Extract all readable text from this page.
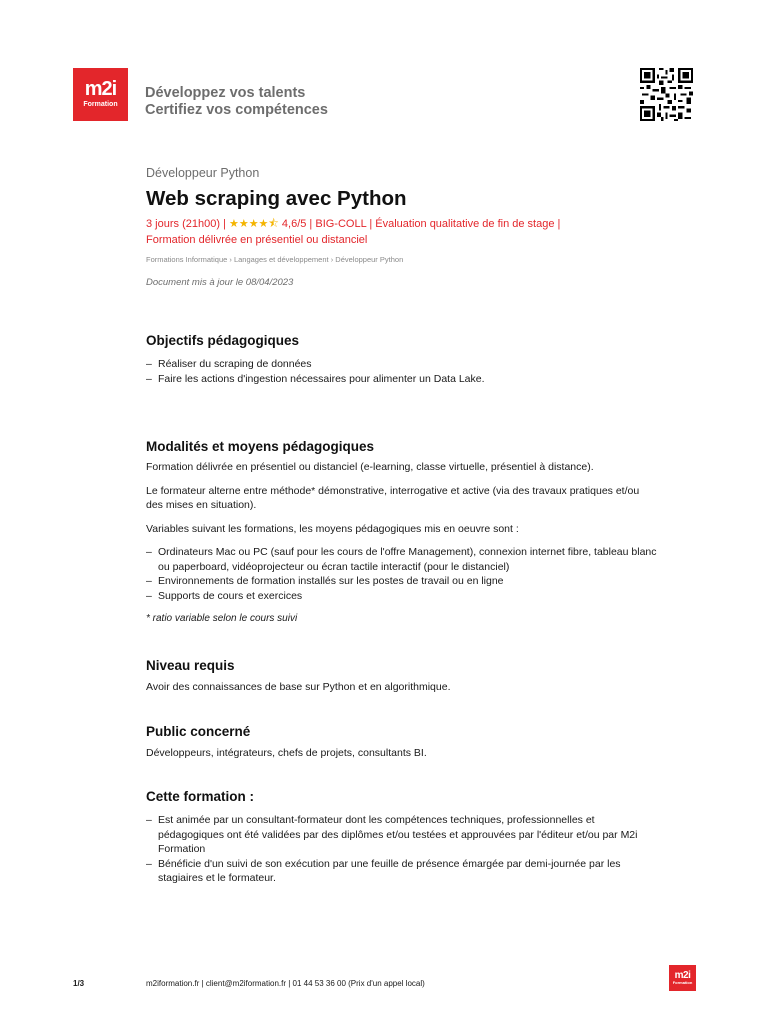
m2i
Formation
Développez vos talents
Certifiez vos compétences

Développeur Python

Web scraping avec Python
3 jours (21h00) | ★★★★⯪ 4,6/5 | BIG-COLL | Évaluation qualitative de fin de stage |
Formation délivrée en présentiel ou distanciel
Formations Informatique › Langages et développement › Développeur Python
Document mis à jour le 08/04/2023
Objectifs pédagogiques
– Réaliser du scraping de données
– Faire les actions d'ingestion nécessaires pour alimenter un Data Lake.
Modalités et moyens pédagogiques

Formation délivrée en présentiel ou distanciel (e-learning, classe virtuelle, présentiel à distance).

Le formateur alterne entre méthode* démonstrative, interrogative et active (via des travaux pratiques et/ou des mises en situation).

Variables suivant les formations, les moyens pédagogiques mis en oeuvre sont :

– Ordinateurs Mac ou PC (sauf pour les cours de l'offre Management), connexion internet fibre, tableau blanc ou paperboard, vidéoprojecteur ou écran tactile interactif (pour le distanciel)
– Environnements de formation installés sur les postes de travail ou en ligne
– Supports de cours et exercices

* ratio variable selon le cours suivi

Niveau requis

Avoir des connaissances de base sur Python et en algorithmique.

Public concerné

Développeurs, intégrateurs, chefs de projets, consultants BI.

Cette formation :
– Est animée par un consultant-formateur dont les compétences techniques, professionnelles et pédagogiques ont été validées par des diplômes et/ou testées et approuvées par l'éditeur et/ou par M2i Formation
– Bénéficie d'un suivi de son exécution par une feuille de présence émargée par demi-journée par les stagiaires et le formateur.
1/3	m2iformation.fr | client@m2iformation.fr | 01 44 53 36 00 (Prix d'un appel local)
m2i
Formation
